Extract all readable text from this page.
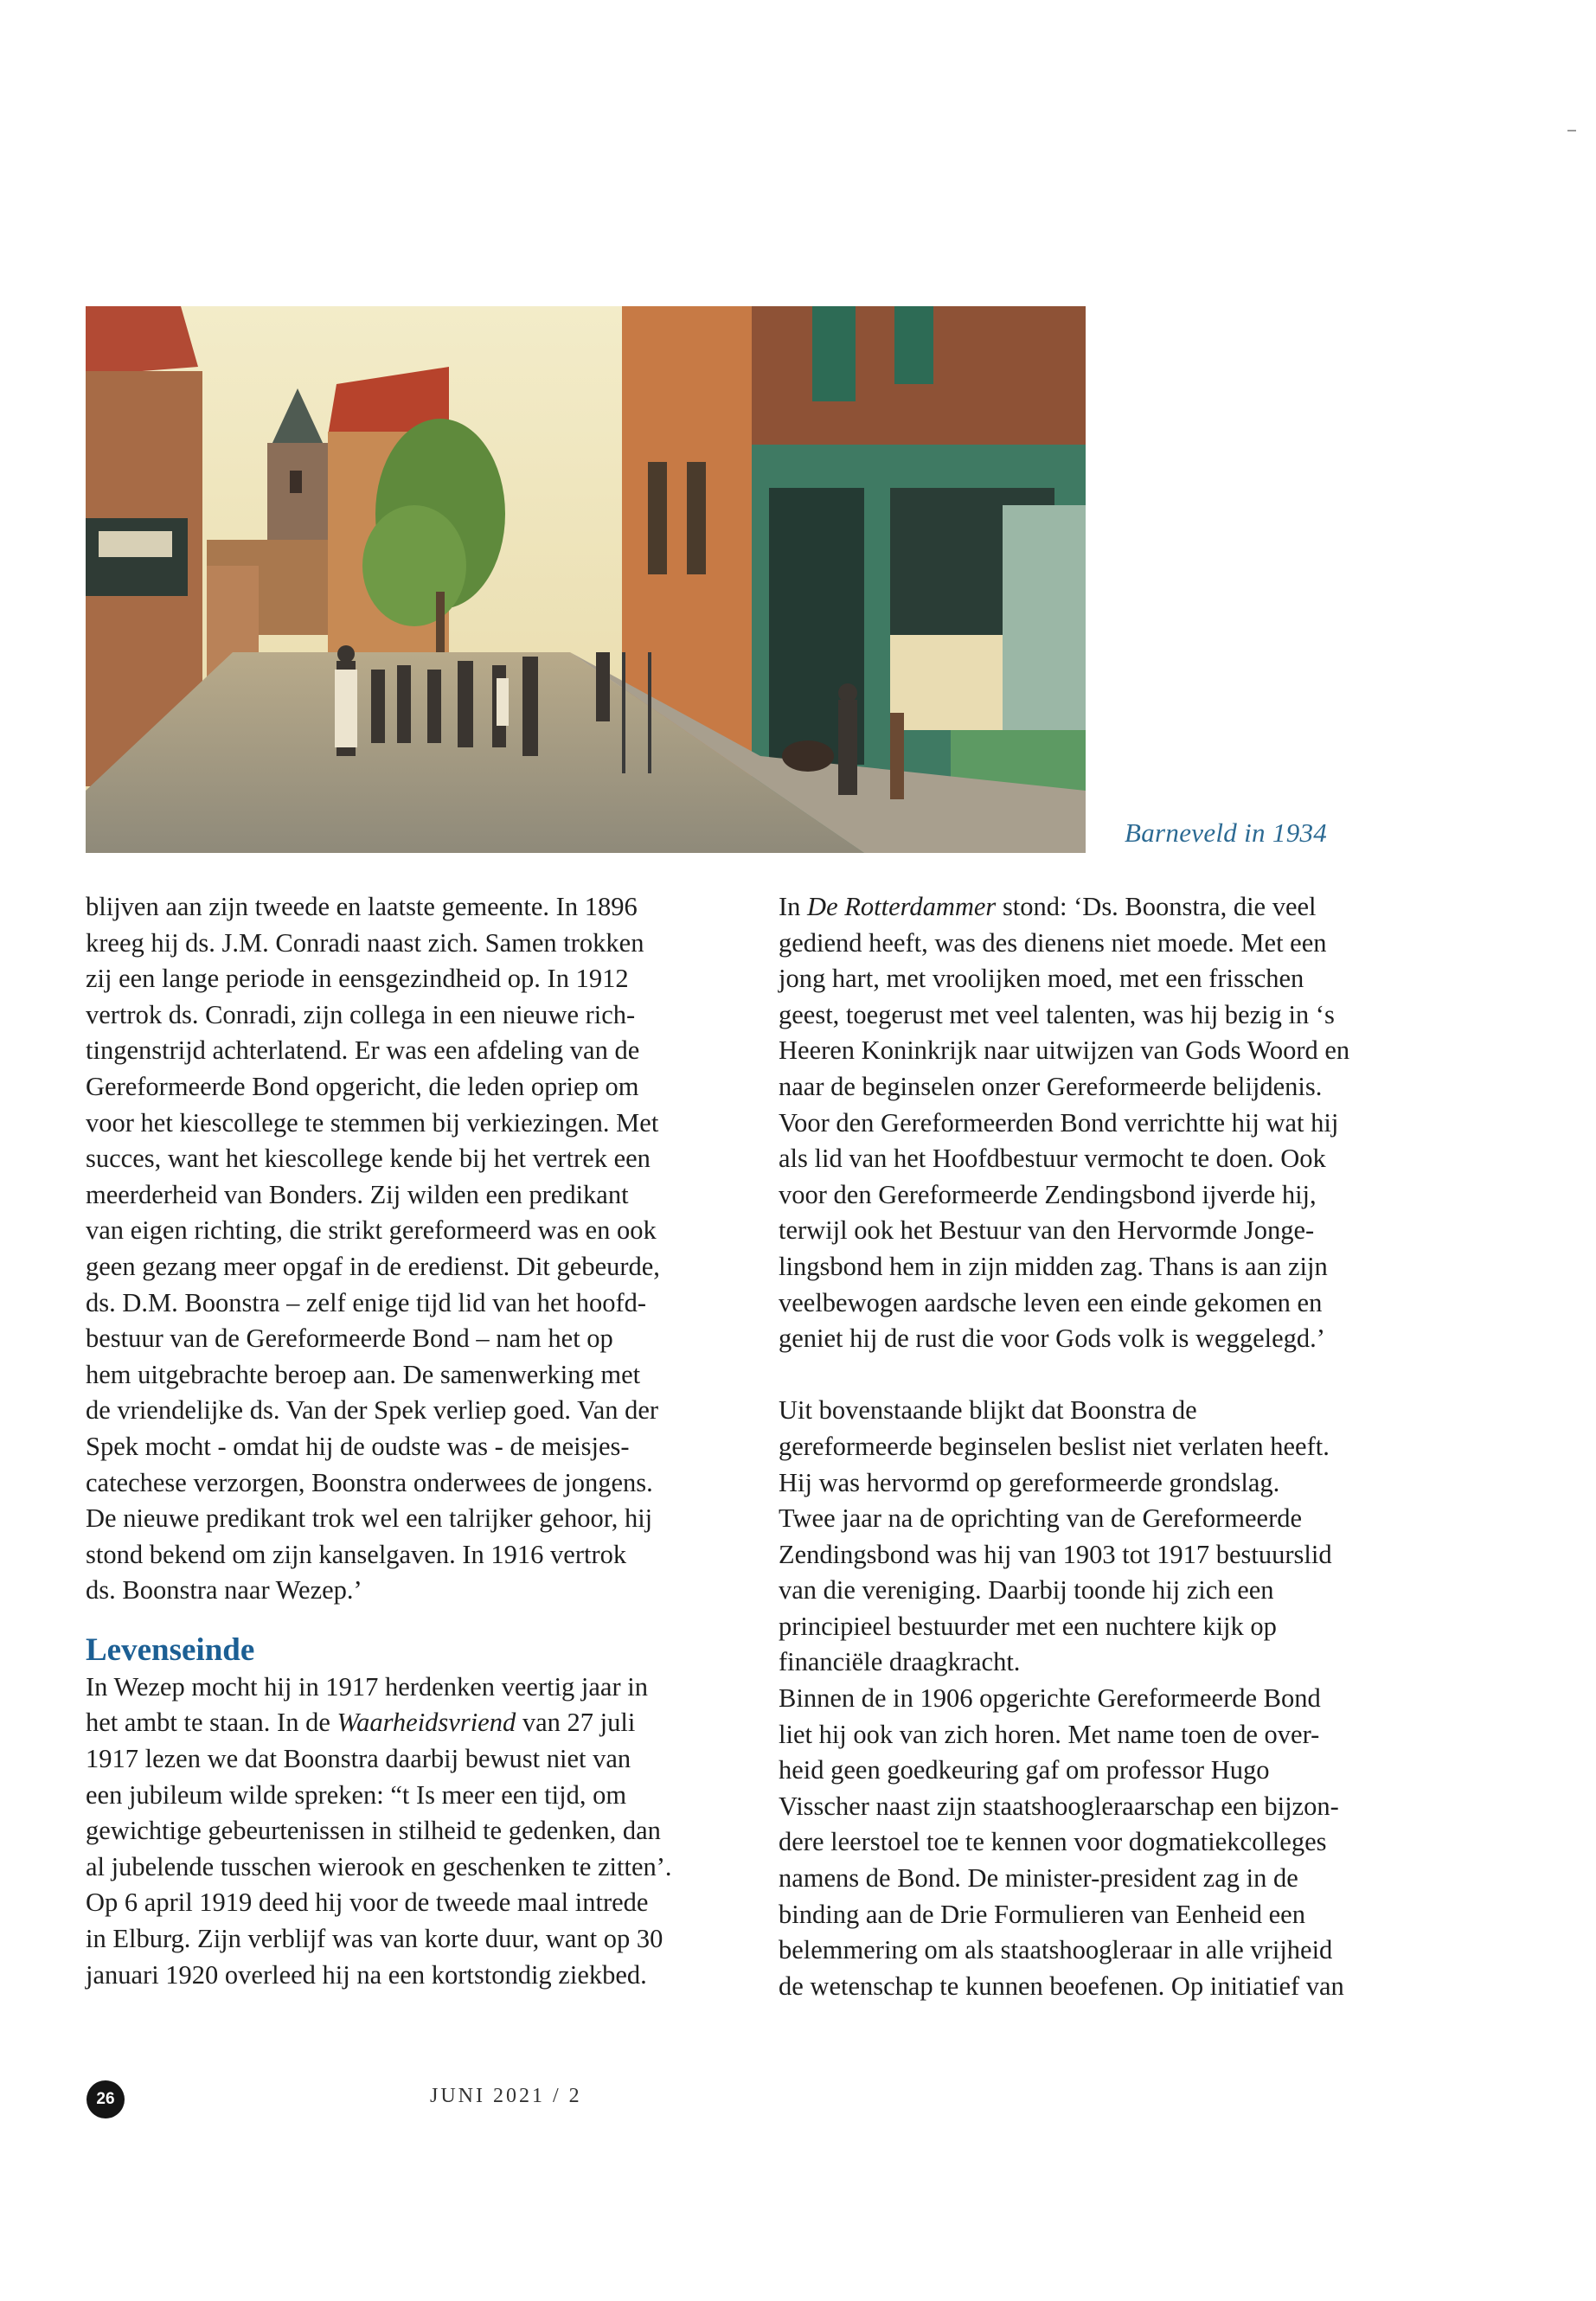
Barneveld in 1934

blijven aan zijn tweede en laatste gemeente. In 1896
kreeg hij ds. J.M. Conradi naast zich. Samen trokken
zij een lange periode in eensgezindheid op. In 1912
vertrok ds. Conradi, zijn collega in een nieuwe rich-
tingenstrijd achterlatend. Er was een afdeling van de
Gereformeerde Bond opgericht, die leden opriep om
voor het kiescollege te stemmen bij verkiezingen. Met
succes, want het kiescollege kende bij het vertrek een
meerderheid van Bonders. Zij wilden een predikant
van eigen richting, die strikt gereformeerd was en ook
geen gezang meer opgaf in de eredienst. Dit gebeurde,
ds. D.M. Boonstra – zelf enige tijd lid van het hoofd-
bestuur van de Gereformeerde Bond – nam het op
hem uitgebrachte beroep aan. De samenwerking met
de vriendelijke ds. Van der Spek verliep goed. Van der
Spek mocht - omdat hij de oudste was - de meisjes-
catechese verzorgen, Boonstra onderwees de jongens.
De nieuwe predikant trok wel een talrijker gehoor, hij
stond bekend om zijn kanselgaven. In 1916 vertrok
ds. Boonstra naar Wezep.’

Levenseinde

In Wezep mocht hij in 1917 herdenken veertig jaar in
het ambt te staan. In de Waarheidsvriend van 27 juli
1917 lezen we dat Boonstra daarbij bewust niet van
een jubileum wilde spreken: “t Is meer een tijd, om
gewichtige gebeurtenissen in stilheid te gedenken, dan
al jubelende tusschen wierook en geschenken te zitten’.
Op 6 april 1919 deed hij voor de tweede maal intrede
in Elburg. Zijn verblijf was van korte duur, want op 30
januari 1920 overleed hij na een kortstondig ziekbed.

In De Rotterdammer stond: ‘Ds. Boonstra, die veel
gediend heeft, was des dienens niet moede. Met een
jong hart, met vroolijken moed, met een frisschen
geest, toegerust met veel talenten, was hij bezig in ‘s
Heeren Koninkrijk naar uitwijzen van Gods Woord en
naar de beginselen onzer Gereformeerde belijdenis.
Voor den Gereformeerden Bond verrichtte hij wat hij
als lid van het Hoofdbestuur vermocht te doen. Ook
voor den Gereformeerde Zendingsbond ijverde hij,
terwijl ook het Bestuur van den Hervormde Jonge-
lingsbond hem in zijn midden zag. Thans is aan zijn
veelbewogen aardsche leven een einde gekomen en
geniet hij de rust die voor Gods volk is weggelegd.’

Uit bovenstaande blijkt dat Boonstra de
gereformeerde beginselen beslist niet verlaten heeft.
Hij was hervormd op gereformeerde grondslag.
Twee jaar na de oprichting van de Gereformeerde
Zendingsbond was hij van 1903 tot 1917 bestuurslid
van die vereniging. Daarbij toonde hij zich een
principieel bestuurder met een nuchtere kijk op
financiële draagkracht.

Binnen de in 1906 opgerichte Gereformeerde Bond
liet hij ook van zich horen. Met name toen de over-
heid geen goedkeuring gaf om professor Hugo
Visscher naast zijn staatshoogleraarschap een bijzon-
dere leerstoel toe te kennen voor dogmatiekcolleges
namens de Bond. De minister-president zag in de
binding aan de Drie Formulieren van Eenheid een
belemmering om als staatshoogleraar in alle vrijheid
de wetenschap te kunnen beoefenen. Op initiatief van

26	JUNI 2021 / 2
